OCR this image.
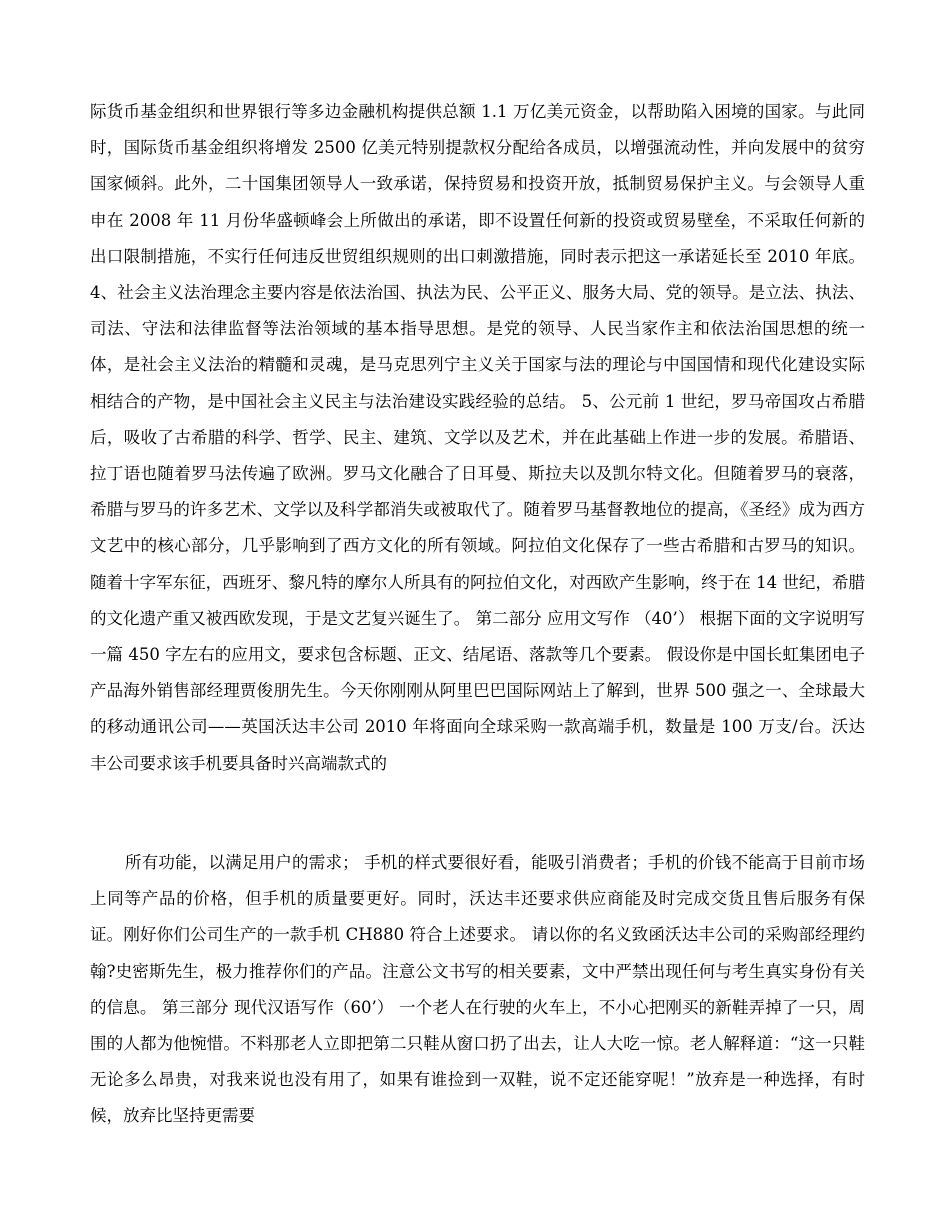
际货币基金组织和世界银行等多边金融机构提供总额 1.1 万亿美元资金，以帮助陷入困境的国家。与此同时，国际货币基金组织将增发 2500 亿美元特别提款权分配给各成员，以增强流动性，并向发展中的贫穷国家倾斜。此外，二十国集团领导人一致承诺，保持贸易和投资开放，抵制贸易保护主义。与会领导人重申在 2008 年 11 月份华盛顿峰会上所做出的承诺，即不设置任何新的投资或贸易壁垒，不采取任何新的出口限制措施，不实行任何违反世贸组织规则的出口刺激措施，同时表示把这一承诺延长至 2010 年底。 4、社会主义法治理念主要内容是依法治国、执法为民、公平正义、服务大局、党的领导。是立法、执法、司法、守法和法律监督等法治领域的基本指导思想。是党的领导、人民当家作主和依法治国思想的统一体，是社会主义法治的精髓和灵魂，是马克思列宁主义关于国家与法的理论与中国国情和现代化建设实际相结合的产物，是中国社会主义民主与法治建设实践经验的总结。 5、公元前 1 世纪，罗马帝国攻占希腊后，吸收了古希腊的科学、哲学、民主、建筑、文学以及艺术，并在此基础上作进一步的发展。希腊语、拉丁语也随着罗马法传遍了欧洲。罗马文化融合了日耳曼、斯拉夫以及凯尔特文化。但随着罗马的衰落，希腊与罗马的许多艺术、文学以及科学都消失或被取代了。随着罗马基督教地位的提高，《圣经》成为西方文艺中的核心部分，几乎影响到了西方文化的所有领域。阿拉伯文化保存了一些古希腊和古罗马的知识。随着十字军东征，西班牙、黎凡特的摩尔人所具有的阿拉伯文化，对西欧产生影响，终于在 14 世纪，希腊的文化遗产重又被西欧发现，于是文艺复兴诞生了。 第二部分 应用文写作 （40’） 根据下面的文字说明写一篇 450 字左右的应用文，要求包含标题、正文、结尾语、落款等几个要素。 假设你是中国长虹集团电子产品海外销售部经理贾俊朋先生。今天你刚刚从阿里巴巴国际网站上了解到，世界 500 强之一、全球最大的移动通讯公司——英国沃达丰公司 2010 年将面向全球采购一款高端手机，数量是 100 万支/台。沃达丰公司要求该手机要具备时兴高端款式的

所有功能，以满足用户的需求； 手机的样式要很好看，能吸引消费者；手机的价钱不能高于目前市场上同等产品的价格，但手机的质量要更好。同时，沃达丰还要求供应商能及时完成交货且售后服务有保证。刚好你们公司生产的一款手机 CH880 符合上述要求。 请以你的名义致函沃达丰公司的采购部经理约翰?史密斯先生，极力推荐你们的产品。注意公文书写的相关要素，文中严禁出现任何与考生真实身份有关的信息。 第三部分 现代汉语写作（60’） 一个老人在行驶的火车上，不小心把刚买的新鞋弄掉了一只，周围的人都为他惋惜。不料那老人立即把第二只鞋从窗口扔了出去，让人大吃一惊。老人解释道：“这一只鞋无论多么昂贵，对我来说也没有用了，如果有谁捡到一双鞋，说不定还能穿呢！”放弃是一种选择，有时候，放弃比坚持更需要
